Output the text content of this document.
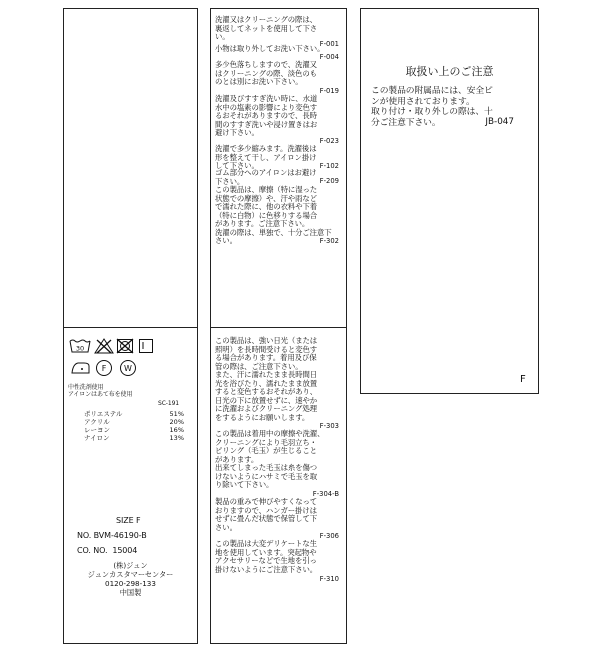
30
F W
中性洗剤使用
アイロンはあて布を使用
SC-191
ポリエステル	51%
アクリル	20%
レーヨン	16%
ナイロン	13%
SIZE F
NO. BVM-46190-B
CO. NO.  15004
(株)ジュン
ジュンカスタマーセンター
0120-298-133
中国製
洗濯又はクリーニングの際は、
裏返してネットを使用して下さ
い。
F-001
小物は取り外してお洗い下さい。
F-004
多少色落ちしますので、洗濯又
はクリーニングの際、淡色のも
のとは別にお洗い下さい。
F-019
洗濯及びすすぎ洗い時に、水道
水中の塩素の影響により変色す
るおそれがありますので、長時
間のすすぎ洗いや浸け置きはお
避け下さい。
F-023
洗濯で多少縮みます。洗濯後は
形を整えて干し、アイロン掛け
して下さい。	F-102
ゴム部分へのアイロンはお避け
下さい。	F-209
この製品は、摩擦（特に湿った
状態での摩擦）や、汗や雨など
で濡れた際に、他の衣料や下着
（特に白物）に色移りする場合
があります。ご注意下さい。
洗濯の際は、単独で、十分ご注意下
さい。	F-302
この製品は、強い日光（または
照明）を長時間受けると変色す
る場合があります。着用及び保
管の際は、ご注意下さい。
また、汗に濡れたまま長時間日
光を浴びたり、濡れたまま放置
すると変色するおそれがあり、
日光の下に放置せずに、速やか
に洗濯およびクリーニング処理
をするようにお願いします。
F-303
この製品は着用中の摩擦や洗濯、
クリーニングにより毛羽立ち・
ピリング（毛玉）が生じること
があります。
出来てしまった毛玉は糸を傷つ
けないようにハサミで毛玉を取
り除いて下さい。
F-304-B
製品の重みで伸びやすくなって
おりますので、ハンガー掛けは
せずに畳んだ状態で保管して下
さい。
F-306
この製品は大変デリケートな生
地を使用しています。突起物や
アクセサリーなどで生地を引っ
掛けないようにご注意下さい。
F-310
取扱い上のご注意
この製品の附属品には、安全ピ
ンが使用されております。
取り付け・取り外しの際は、十
分ご注意下さい。	JB-047
F
